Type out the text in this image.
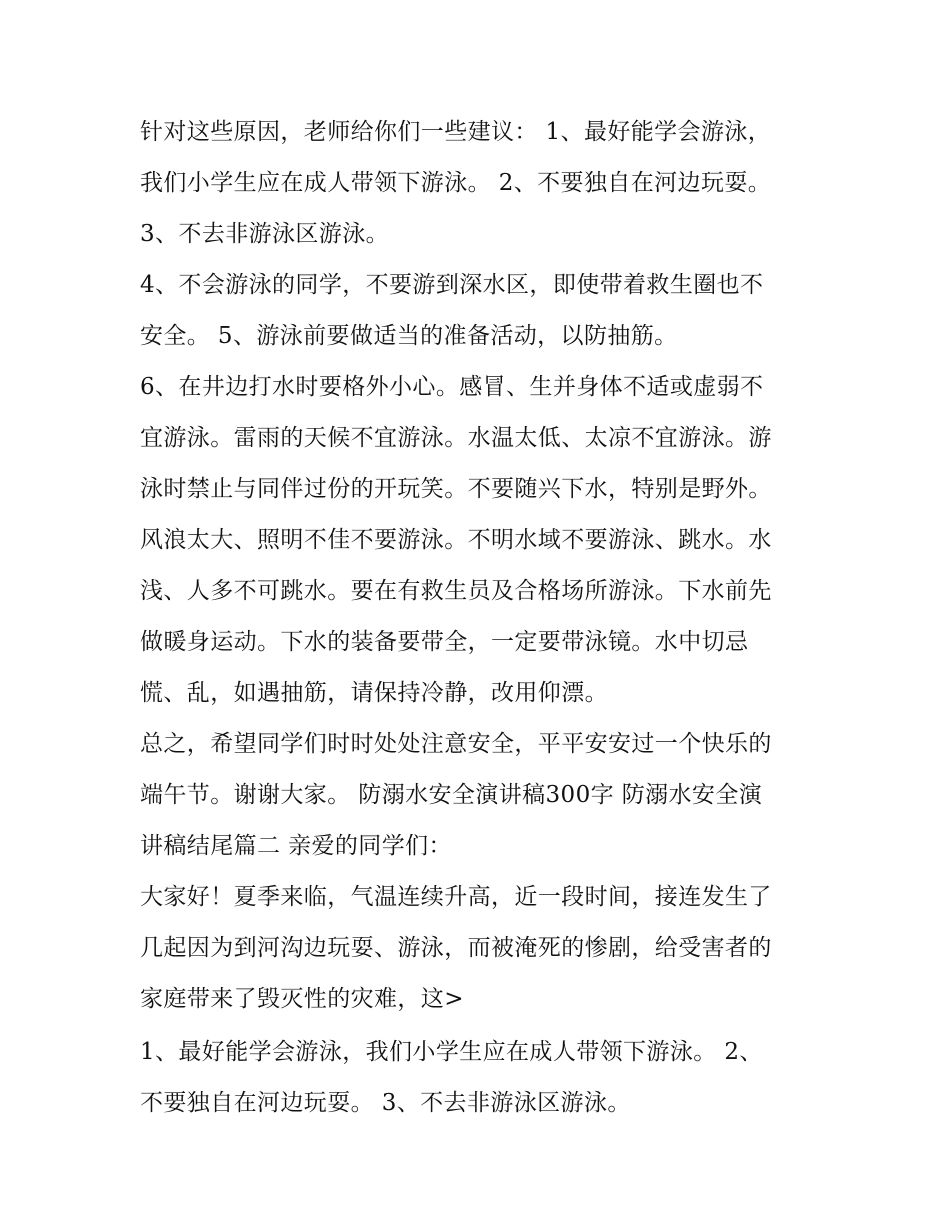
针对这些原因，老师给你们一些建议： 1、最好能学会游泳，
我们小学生应在成人带领下游泳。 2、不要独自在河边玩耍。
3、不去非游泳区游泳。
4、不会游泳的同学，不要游到深水区，即使带着救生圈也不
安全。 5、游泳前要做适当的准备活动，以防抽筋。
6、在井边打水时要格外小心。感冒、生并身体不适或虚弱不
宜游泳。雷雨的天候不宜游泳。水温太低、太凉不宜游泳。游
泳时禁止与同伴过份的开玩笑。不要随兴下水，特别是野外。
风浪太大、照明不佳不要游泳。不明水域不要游泳、跳水。水
浅、人多不可跳水。要在有救生员及合格场所游泳。下水前先
做暖身运动。下水的装备要带全，一定要带泳镜。水中切忌
慌、乱，如遇抽筋，请保持冷静，改用仰漂。
总之，希望同学们时时处处注意安全，平平安安过一个快乐的
端午节。谢谢大家。 防溺水安全演讲稿300字 防溺水安全演
讲稿结尾篇二 亲爱的同学们：
大家好！夏季来临，气温连续升高，近一段时间，接连发生了
几起因为到河沟边玩耍、游泳，而被淹死的惨剧，给受害者的
家庭带来了毁灭性的灾难，这>
1、最好能学会游泳，我们小学生应在成人带领下游泳。 2、
不要独自在河边玩耍。 3、不去非游泳区游泳。
